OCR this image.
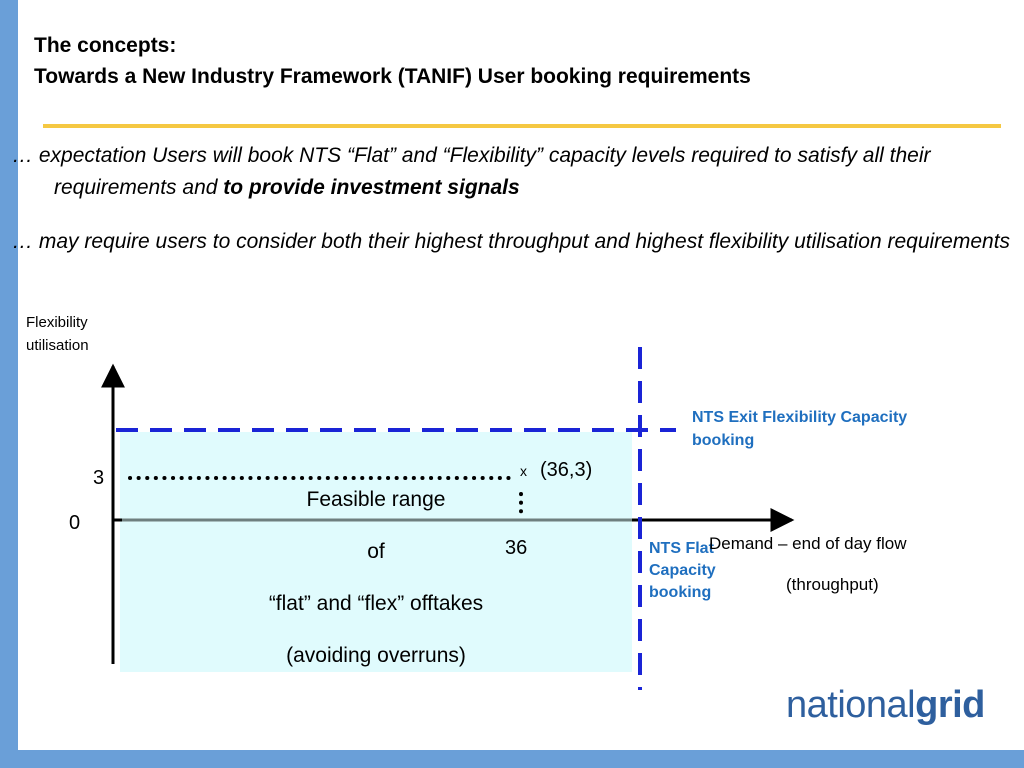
The concepts:
Towards a New Industry Framework (TANIF) User booking requirements
… expectation Users will book NTS “Flat” and “Flexibility” capacity levels required to satisfy all their requirements and to provide investment signals
… may require users to consider both their highest throughput and highest flexibility utilisation requirements
Flexibility utilisation
3
0
36
x (36,3)
Feasible range
of
“flat” and “flex” offtakes
(avoiding overruns)
NTS Exit Flexibility Capacity booking
NTS Flat Capacity booking
Demand – end of day flow
(throughput)
nationalgrid
